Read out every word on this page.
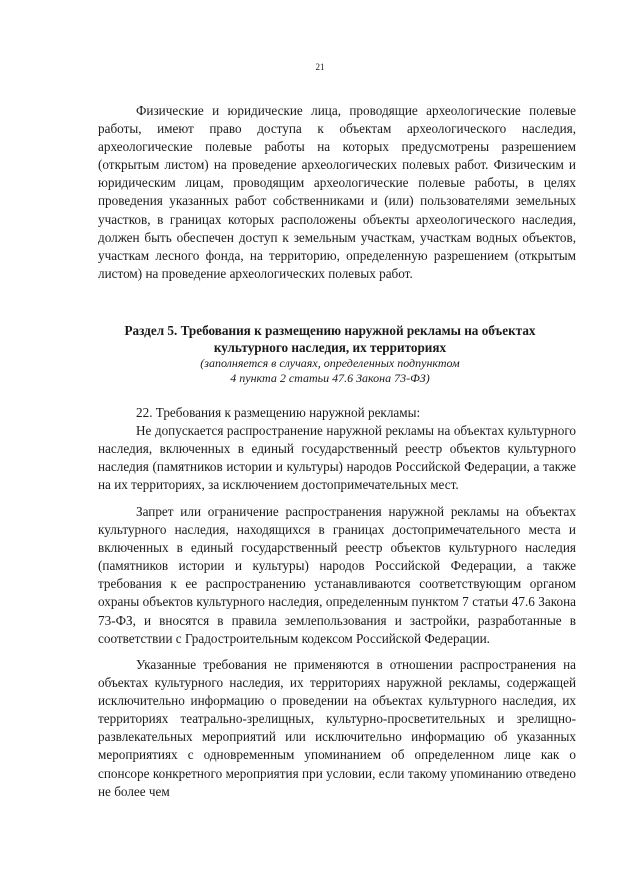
21

Физические и юридические лица, проводящие археологические полевые работы, имеют право доступа к объектам археологического наследия, археологические полевые работы на которых предусмотрены разрешением (открытым листом) на проведение археологических полевых работ. Физическим и юридическим лицам, проводящим археологические полевые работы, в целях проведения указанных работ собственниками и (или) пользователями земельных участков, в границах которых расположены объекты археологического наследия, должен быть обеспечен доступ к земельным участкам, участкам водных объектов, участкам лесного фонда, на территорию, определенную разрешением (открытым листом) на проведение археологических полевых работ.

Раздел 5. Требования к размещению наружной рекламы на объектах

культурного наследия, их территориях

(заполняется в случаях, определенных подпунктом

4 пункта 2 статьи 47.6 Закона 73-ФЗ)

22. Требования к размещению наружной рекламы:

Не допускается распространение наружной рекламы на объектах культурного наследия, включенных в единый государственный реестр объектов культурного наследия (памятников истории и культуры) народов Российской Федерации, а также на их территориях, за исключением достопримечательных мест.

Запрет или ограничение распространения наружной рекламы на объектах культурного наследия, находящихся в границах достопримечательного места и включенных в единый государственный реестр объектов культурного наследия (памятников истории и культуры) народов Российской Федерации, а также требования к ее распространению устанавливаются соответствующим органом охраны объектов культурного наследия, определенным пунктом 7 статьи 47.6 Закона 73-ФЗ, и вносятся в правила землепользования и застройки, разработанные в соответствии с Градостроительным кодексом Российской Федерации.

Указанные требования не применяются в отношении распространения на объектах культурного наследия, их территориях наружной рекламы, содержащей исключительно информацию о проведении на объектах культурного наследия, их территориях театрально-зрелищных, культурно-просветительных и зрелищно-развлекательных мероприятий или исключительно информацию об указанных мероприятиях с одновременным упоминанием об определенном лице как о спонсоре конкретного мероприятия при условии, если такому упоминанию отведено не более чем
